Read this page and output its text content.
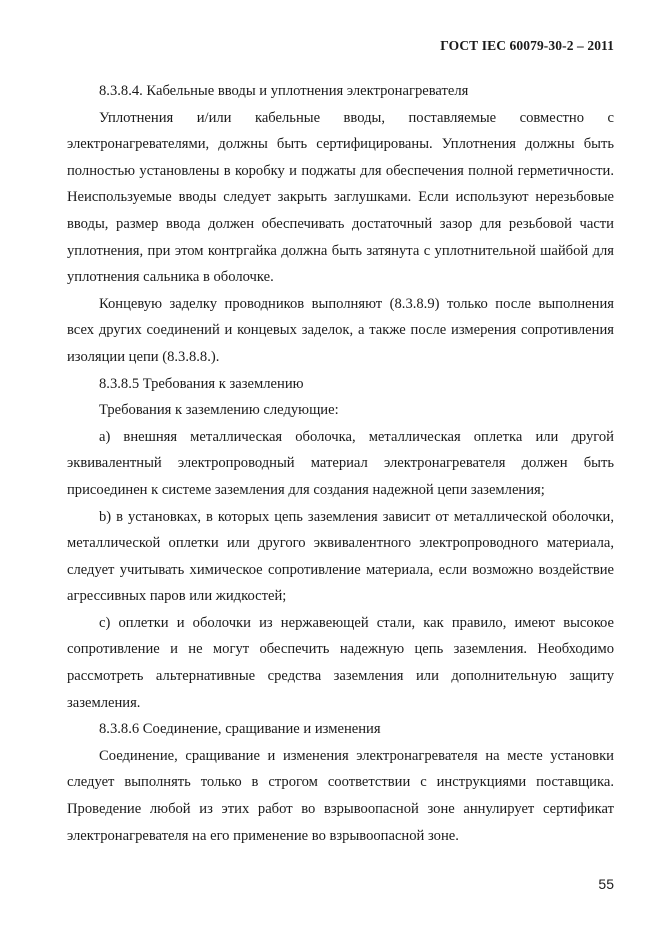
ГОСТ IEC 60079-30-2 – 2011

8.3.8.4. Кабельные вводы и уплотнения электронагревателя

Уплотнения и/или кабельные вводы, поставляемые совместно с электронагревателями, должны быть сертифицированы. Уплотнения должны быть полностью установлены в коробку и поджаты для обеспечения полной герметичности. Неиспользуемые вводы следует закрыть заглушками. Если используют нерезьбовые вводы, размер ввода должен обеспечивать достаточный зазор для резьбовой части уплотнения, при этом контргайка должна быть затянута с уплотнительной шайбой для уплотнения сальника в оболочке.

Концевую заделку проводников выполняют (8.3.8.9) только после выполнения всех других соединений и концевых заделок, а также после измерения сопротивления изоляции цепи (8.3.8.8.).

8.3.8.5 Требования к заземлению

Требования к заземлению следующие:

a) внешняя металлическая оболочка, металлическая оплетка или другой эквивалентный электропроводный материал электронагревателя должен быть присоединен к системе заземления для создания надежной цепи заземления;

b) в установках, в которых цепь заземления зависит от металлической оболочки, металлической оплетки или другого эквивалентного электропроводного материала, следует учитывать химическое сопротивление материала, если возможно воздействие агрессивных паров или жидкостей;

c) оплетки и оболочки из нержавеющей стали, как правило, имеют высокое сопротивление и не могут обеспечить надежную цепь заземления. Необходимо рассмотреть альтернативные средства заземления или дополнительную защиту заземления.

8.3.8.6 Соединение, сращивание и изменения

Соединение, сращивание и изменения электронагревателя на месте установки следует выполнять только в строгом соответствии с инструкциями поставщика. Проведение любой из этих работ во взрывоопасной зоне аннулирует сертификат электронагревателя на его применение во взрывоопасной зоне.

55
